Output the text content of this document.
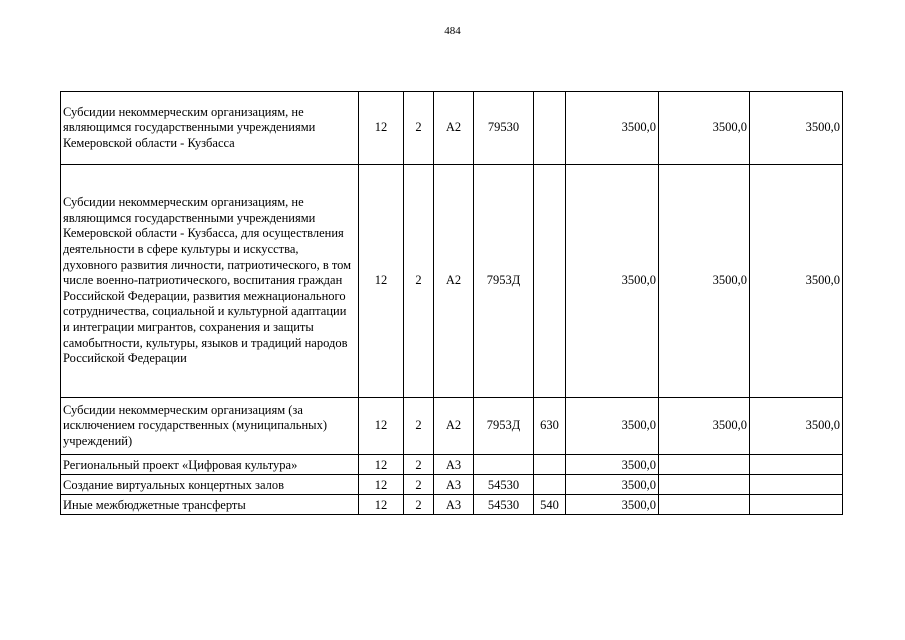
484
Субсидии некоммерческим организациям, не являющимся государственными учреждениями Кемеровской области - Кузбасса	12	2	А2	79530		3500,0	3500,0	3500,0
Субсидии некоммерческим организациям, не являющимся государственными учреждениями Кемеровской области - Кузбасса, для осуществления деятельности в сфере культуры и искусства, духовного развития личности, патриотического, в том числе военно-патриотического, воспитания граждан Российской Федерации, развития межнационального сотрудничества, социальной и культурной адаптации и интеграции мигрантов, сохранения и защиты самобытности, культуры, языков и традиций народов Российской Федерации	12	2	А2	7953Д		3500,0	3500,0	3500,0
Субсидии некоммерческим организациям (за исключением государственных (муниципальных) учреждений)	12	2	А2	7953Д	630	3500,0	3500,0	3500,0
Региональный проект «Цифровая культура»	12	2	А3			3500,0		
Создание виртуальных концертных залов	12	2	А3	54530		3500,0		
Иные межбюджетные трансферты	12	2	А3	54530	540	3500,0		
